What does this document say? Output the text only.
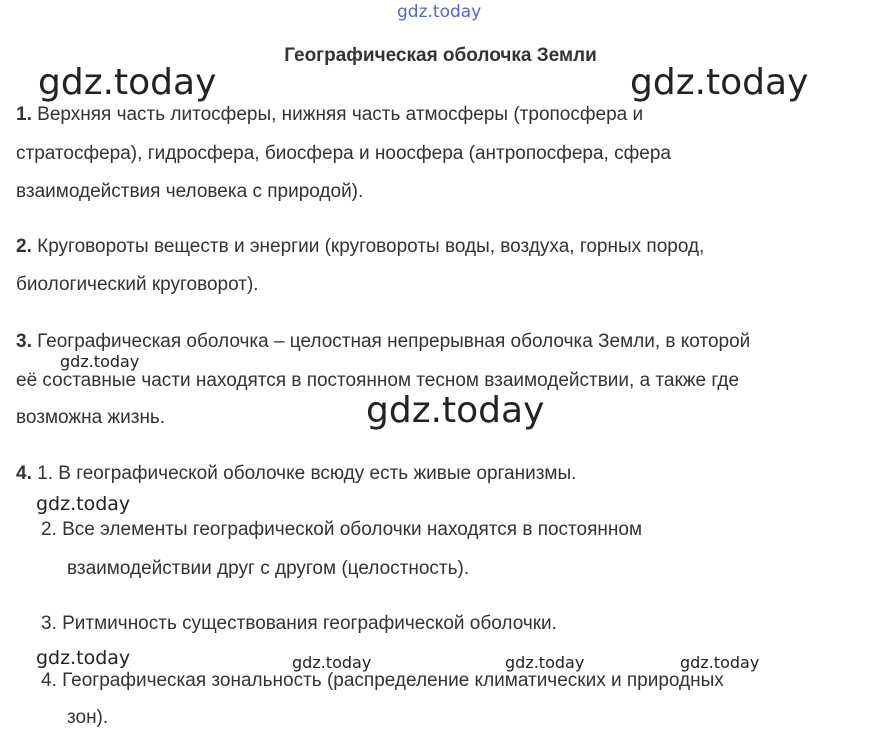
gdz.today
gdz.today	gdz.today
gdz.today
gdz.today
gdz.today
gdz.today	gdz.today	gdz.today	gdz.today
Географическая оболочка Земли
1. Верхняя часть литосферы, нижняя часть атмосферы (тропосфера и
стратосфера), гидросфера, биосфера и ноосфера (антропосфера, сфера
взаимодействия человека с природой).
2. Круговороты веществ и энергии (круговороты воды, воздуха, горных пород,
биологический круговорот).
3. Географическая оболочка – целостная непрерывная оболочка Земли, в которой
её составные части находятся в постоянном тесном взаимодействии, а также где
возможна жизнь.
4. 1. В географической оболочке всюду есть живые организмы.
2. Все элементы географической оболочки находятся в постоянном
взаимодействии друг с другом (целостность).
3. Ритмичность существования географической оболочки.
4. Географическая зональность (распределение климатических и природных
зон).
